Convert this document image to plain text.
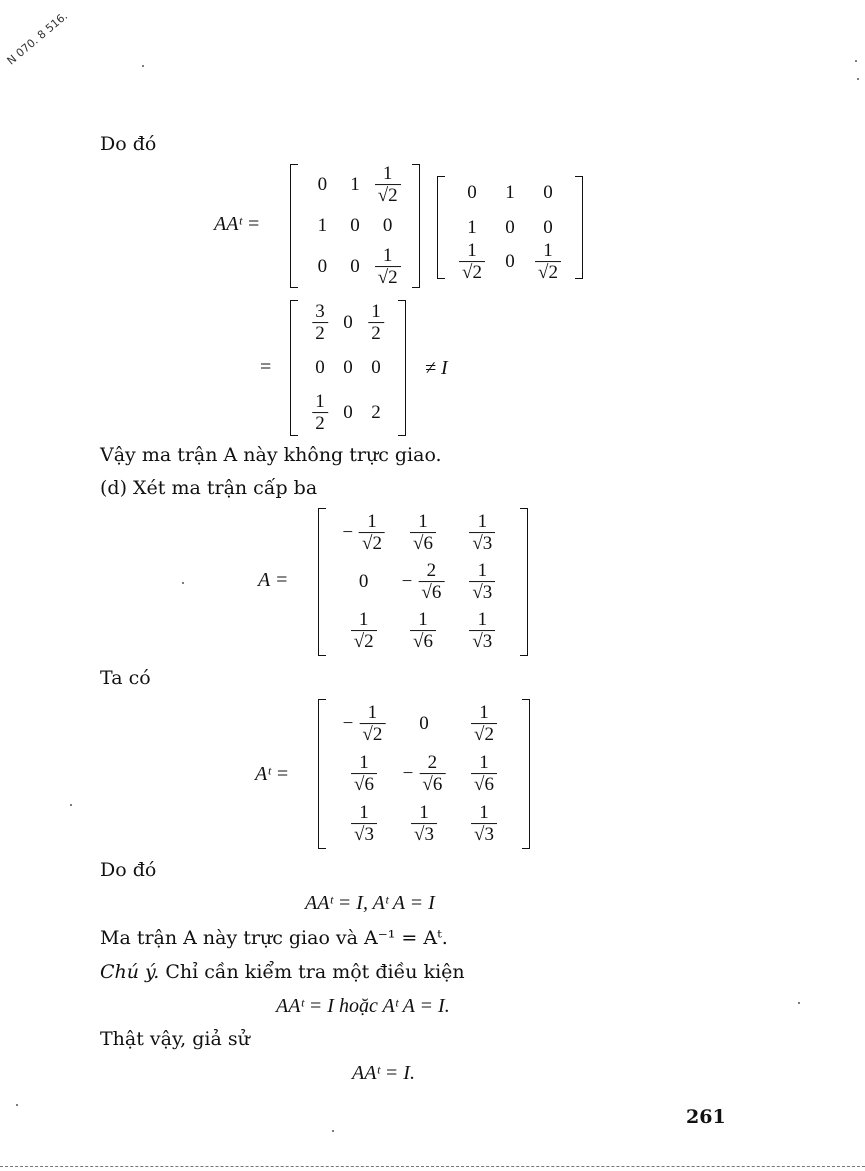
N 070. 8 516.
Do đó
AAᵗ =
0 $1 \frac{1}{√2}$
1 0 0
0 $0 \frac{1}{√2}$
0 1 0
1 0 0
$\frac{1}{√2} 0 \frac{1}{√2}$
=
$\frac{3}{2} 0 \frac{1}{2}$
0 0 0
$\frac{1}{2} 0$ 2
≠ I
Vậy ma trận A này không trực giao.
(d) Xét ma trận cấp ba
A =
− $\frac{1}{√2} \frac{1}{√6} \frac{1}{√3}$
$0 - \frac{2}{√6} \frac{1}{√3}$
$\frac{1}{√2} \frac{1}{√6} \frac{1}{√3}$
Ta có
Aᵗ =
− $\frac{1}{√2} 0 \frac{1}{√2}$
$\frac{1}{√6} - \frac{2}{√6} \frac{1}{√6}$
$\frac{1}{√3} \frac{1}{√3} \frac{1}{√3}$
Do đó
AAᵗ = I, Aᵗ A = I
Ma trận A này trực giao và A⁻¹ = Aᵗ.
Chú ý. Chỉ cần kiểm tra một điều kiện
AAᵗ = I hoặc Aᵗ A = I.
Thật vậy, giả sử
AAᵗ = I.
261
